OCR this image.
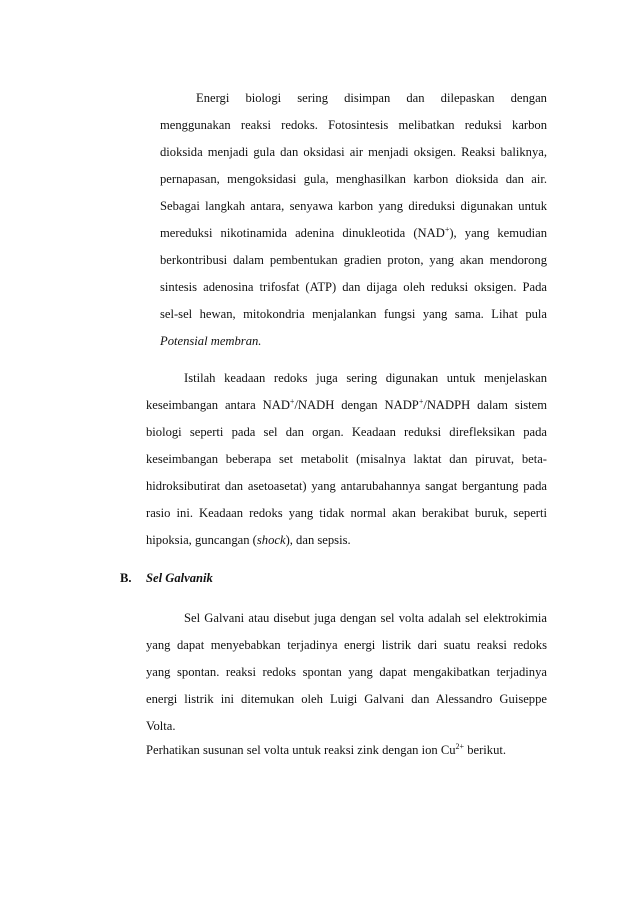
Energi biologi sering disimpan dan dilepaskan dengan
menggunakan reaksi redoks. Fotosintesis melibatkan reduksi karbon
dioksida menjadi gula dan oksidasi air menjadi oksigen. Reaksi baliknya,
pernapasan, mengoksidasi gula, menghasilkan karbon dioksida dan air.
Sebagai langkah antara, senyawa karbon yang direduksi digunakan untuk
mereduksi nikotinamida adenina dinukleotida (NAD+), yang kemudian
berkontribusi dalam pembentukan gradien proton, yang akan mendorong
sintesis adenosina trifosfat (ATP) dan dijaga oleh reduksi oksigen. Pada
sel-sel hewan, mitokondria menjalankan fungsi yang sama. Lihat pula
Potensial membran.
Istilah keadaan redoks juga sering digunakan untuk menjelaskan
keseimbangan antara NAD+/NADH dengan NADP+/NADPH dalam sistem
biologi seperti pada sel dan organ. Keadaan reduksi direfleksikan pada
keseimbangan beberapa set metabolit (misalnya laktat dan piruvat, beta-
hidroksibutirat dan asetoasetat) yang antarubahannya sangat bergantung pada
rasio ini. Keadaan redoks yang tidak normal akan berakibat buruk, seperti
hipoksia, guncangan (shock), dan sepsis.
B. Sel Galvanik
Sel Galvani atau disebut juga dengan sel volta adalah sel elektrokimia
yang dapat menyebabkan terjadinya energi listrik dari suatu reaksi redoks
yang spontan. reaksi redoks spontan yang dapat mengakibatkan terjadinya
energi listrik ini ditemukan oleh Luigi Galvani dan Alessandro Guiseppe
Volta.
Perhatikan susunan sel volta untuk reaksi zink dengan ion $Cu^{2+}$ berikut.
